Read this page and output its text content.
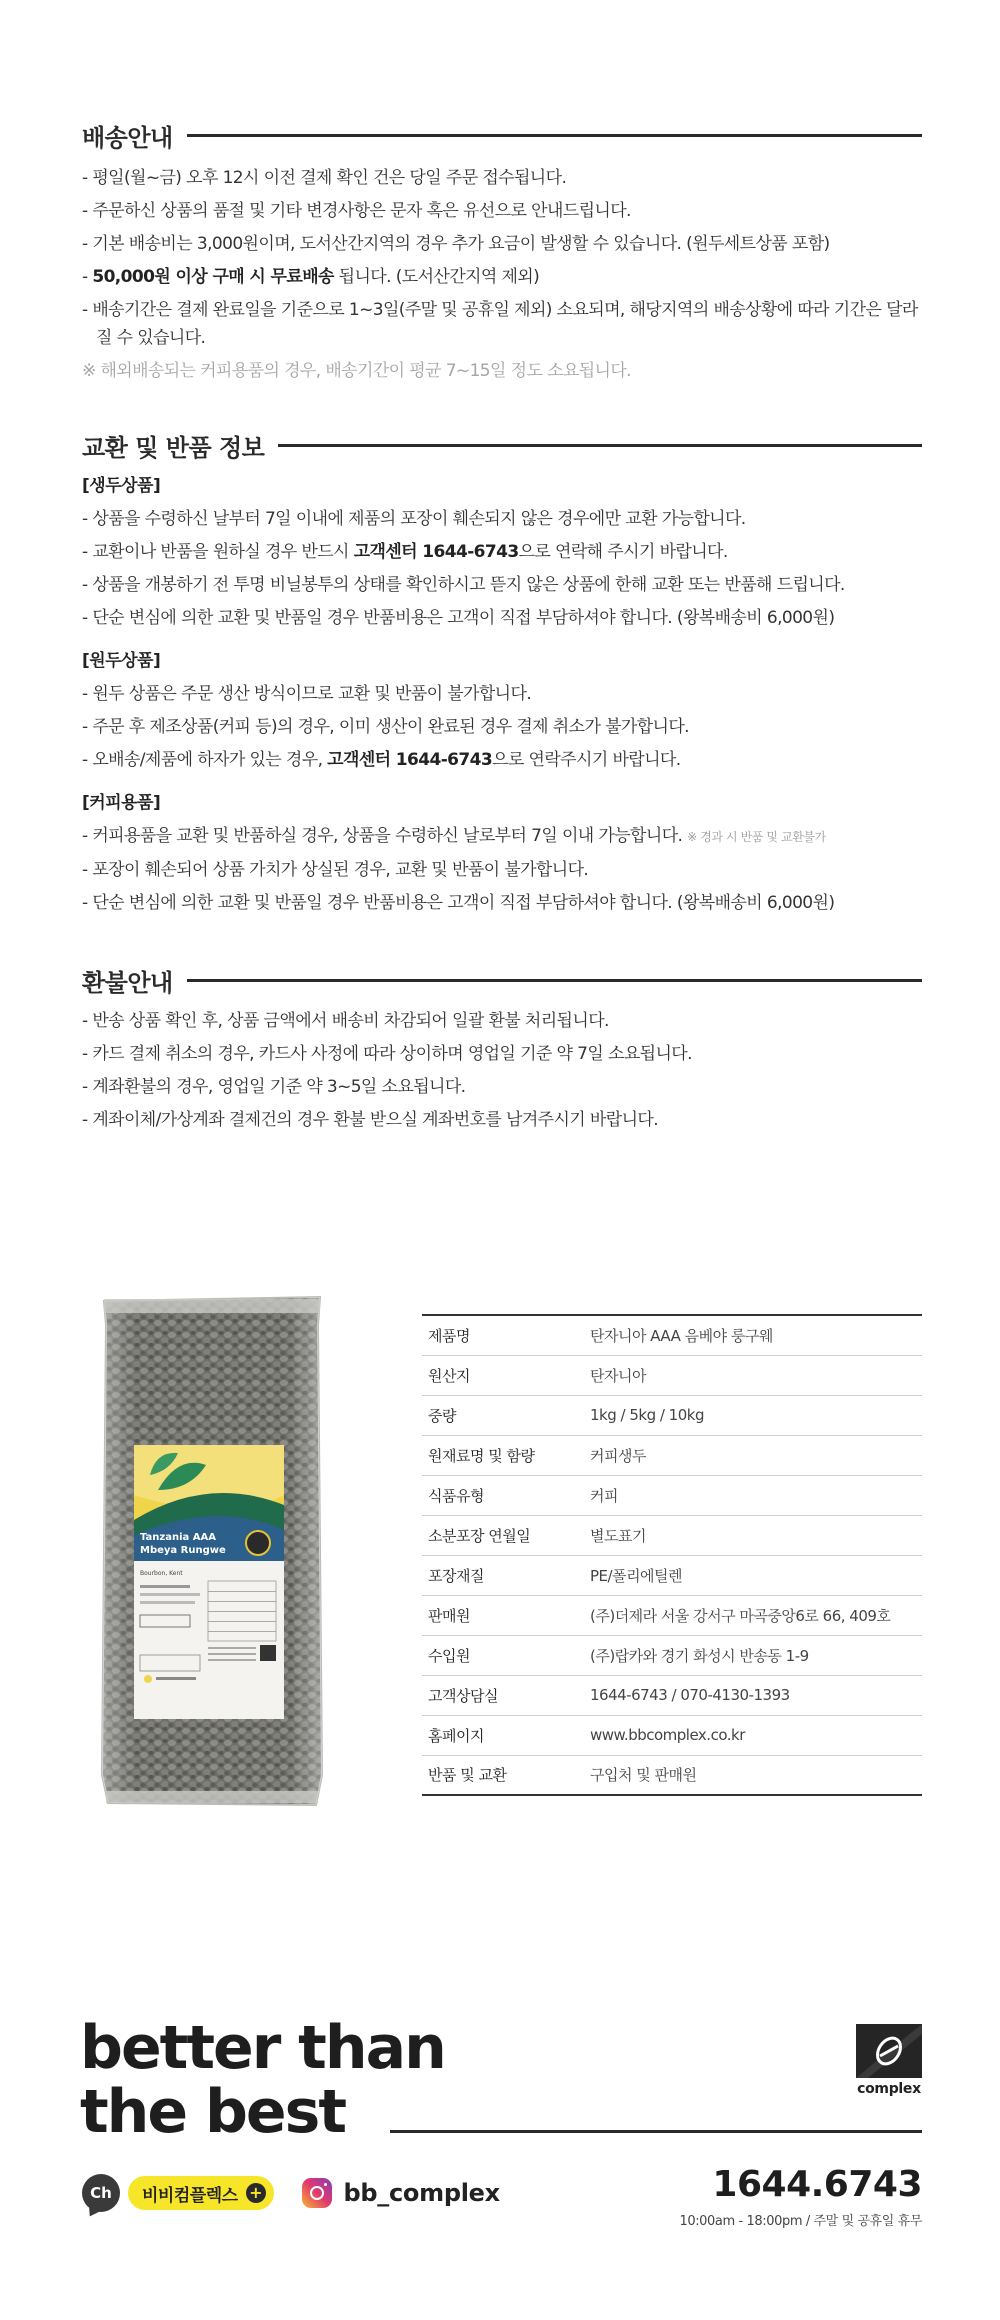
배송안내
- 평일(월~금) 오후 12시 이전 결제 확인 건은 당일 주문 접수됩니다.
- 주문하신 상품의 품절 및 기타 변경사항은 문자 혹은 유선으로 안내드립니다.
- 기본 배송비는 3,000원이며, 도서산간지역의 경우 추가 요금이 발생할 수 있습니다. (원두세트상품 포함)
- 50,000원 이상 구매 시 무료배송 됩니다. (도서산간지역 제외)
- 배송기간은 결제 완료일을 기준으로 1~3일(주말 및 공휴일 제외) 소요되며, 해당지역의 배송상황에 따라 기간은 달라질 수 있습니다.
※ 해외배송되는 커피용품의 경우, 배송기간이 평균 7~15일 정도 소요됩니다.
교환 및 반품 정보
[생두상품]
- 상품을 수령하신 날부터 7일 이내에 제품의 포장이 훼손되지 않은 경우에만 교환 가능합니다.
- 교환이나 반품을 원하실 경우 반드시 고객센터 1644-6743으로 연락해 주시기 바랍니다.
- 상품을 개봉하기 전 투명 비닐봉투의 상태를 확인하시고 뜯지 않은 상품에 한해 교환 또는 반품해 드립니다.
- 단순 변심에 의한 교환 및 반품일 경우 반품비용은 고객이 직접 부담하셔야 합니다. (왕복배송비 6,000원)
[원두상품]
- 원두 상품은 주문 생산 방식이므로 교환 및 반품이 불가합니다.
- 주문 후 제조상품(커피 등)의 경우, 이미 생산이 완료된 경우 결제 취소가 불가합니다.
- 오배송/제품에 하자가 있는 경우, 고객센터 1644-6743으로 연락주시기 바랍니다.
[커피용품]
- 커피용품을 교환 및 반품하실 경우, 상품을 수령하신 날로부터 7일 이내 가능합니다. ※ 경과 시 반품 및 교환불가
- 포장이 훼손되어 상품 가치가 상실된 경우, 교환 및 반품이 불가합니다.
- 단순 변심에 의한 교환 및 반품일 경우 반품비용은 고객이 직접 부담하셔야 합니다. (왕복배송비 6,000원)
환불안내
- 반송 상품 확인 후, 상품 금액에서 배송비 차감되어 일괄 환불 처리됩니다.
- 카드 결제 취소의 경우, 카드사 사정에 따라 상이하며 영업일 기준 약 7일 소요됩니다.
- 계좌환불의 경우, 영업일 기준 약 3~5일 소요됩니다.
- 계좌이체/가상계좌 결제건의 경우 환불 받으실 계좌번호를 남겨주시기 바랍니다.
Tanzania AAA
Mbeya Rungwe
Bourbon, Kent
제품명	탄자니아 AAA 음베야 룽구웨
원산지	탄자니아
중량	1kg / 5kg / 10kg
원재료명 및 함량	커피생두
식품유형	커피
소분포장 연월일	별도표기
포장재질	PE/폴리에틸렌
판매원	(주)더제라 서울 강서구 마곡중앙6로 66, 409호
수입원	(주)랍카와 경기 화성시 반송동 1-9
고객상담실	1644-6743 / 070-4130-1393
홈페이지	www.bbcomplex.co.kr
반품 및 교환	구입처 및 판매원
better than
the best	complex
Ch 비비컴플렉스 +	bb_complex	1644.6743
10:00am - 18:00pm / 주말 및 공휴일 휴무
